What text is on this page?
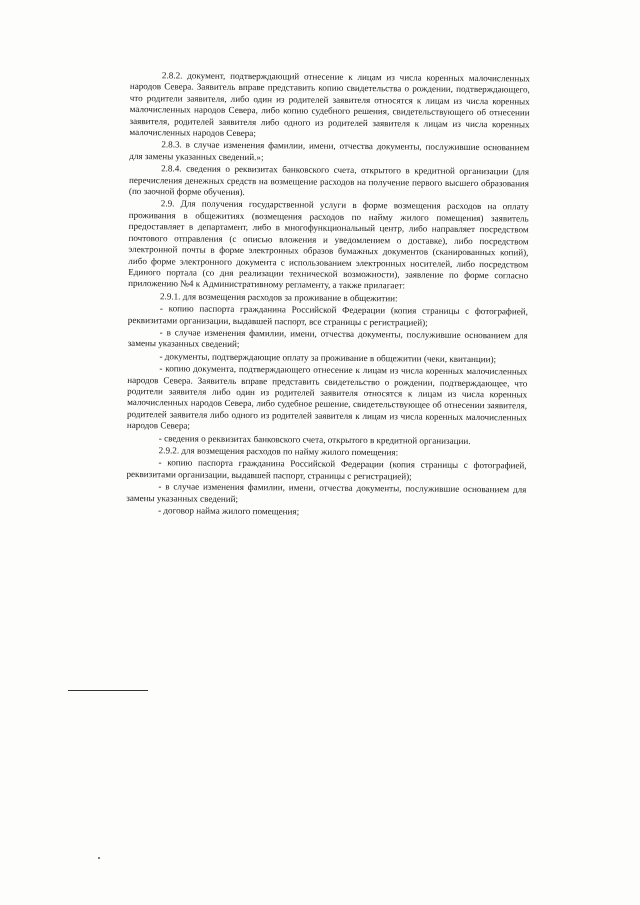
2.8.2. документ, подтверждающий отнесение к лицам из числа коренных малочисленных народов Севера. Заявитель вправе представить копию свидетельства о рождении, подтверждающего, что родители заявителя, либо один из родителей заявителя относятся к лицам из числа коренных малочисленных народов Севера, либо копию судебного решения, свидетельствующего об отнесении заявителя, родителей заявителя либо одного из родителей заявителя к лицам из числа коренных малочисленных народов Севера;

2.8.3. в случае изменения фамилии, имени, отчества документы, послужившие основанием для замены указанных сведений.»;

2.8.4. сведения о реквизитах банковского счета, открытого в кредитной организации (для перечисления денежных средств на возмещение расходов на получение первого высшего образования (по заочной форме обучения).

2.9. Для получения государственной услуги в форме возмещения расходов на оплату проживания в общежитиях (возмещения расходов по найму жилого помещения) заявитель предоставляет в департамент, либо в многофункциональный центр, либо направляет посредством почтового отправления (с описью вложения и уведомлением о доставке), либо посредством электронной почты в форме электронных образов бумажных документов (сканированных копий), либо форме электронного документа с использованием электронных носителей, либо посредством Единого портала (со дня реализации технической возможности), заявление по форме согласно приложению №4 к Административному регламенту, а также прилагает:

2.9.1. для возмещения расходов за проживание в общежитии:

- копию паспорта гражданина Российской Федерации (копия страницы с фотографией, реквизитами организации, выдавшей паспорт, все страницы с регистрацией);

- в случае изменения фамилии, имени, отчества документы, послужившие основанием для замены указанных сведений;

- документы, подтверждающие оплату за проживание в общежитии (чеки, квитанции);

- копию документа, подтверждающего отнесение к лицам из числа коренных малочисленных народов Севера. Заявитель вправе представить свидетельство о рождении, подтверждающее, что родители заявителя либо один из родителей заявителя относятся к лицам из числа коренных малочисленных народов Севера, либо судебное решение, свидетельствующее об отнесении заявителя, родителей заявителя либо одного из родителей заявителя к лицам из числа коренных малочисленных народов Севера;

- сведения о реквизитах банковского счета, открытого в кредитной организации.

2.9.2. для возмещения расходов по найму жилого помещения:

- копию паспорта гражданина Российской Федерации (копия страницы с фотографией, реквизитами организации, выдавшей паспорт, страницы с регистрацией);

- в случае изменения фамилии, имени, отчества документы, послужившие основанием для замены указанных сведений;

- договор найма жилого помещения;
